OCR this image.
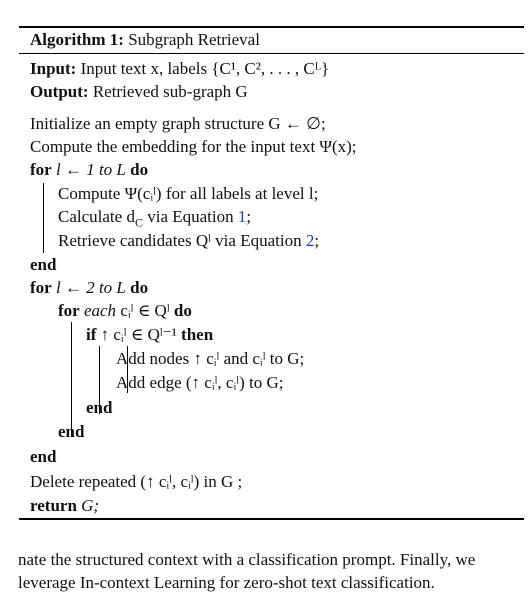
Algorithm 1: Subgraph Retrieval
Input: Input text x, labels {C¹, C², . . . , Cᴸ}
Output: Retrieved sub-graph G
Initialize an empty graph structure G ← ∅;
Compute the embedding for the input text Ψ(x);
for l ← 1 to L do
Compute Ψ(cᵢˡ) for all labels at level l;
Calculate $d_C$ via Equation 1;
Retrieve candidates Qˡ via Equation 2;
end
for l ← 2 to L do
for each cᵢˡ ∈ Qˡ do
if ↑ cᵢˡ ∈ Qˡ⁻¹ then
Add nodes ↑ cᵢˡ and cᵢˡ to G;
Add edge (↑ cᵢˡ, cᵢˡ) to G;
end
end
end
Delete repeated (↑ cᵢˡ, cᵢˡ) in G ;
return G;
nate the structured context with a classification prompt. Finally, we
leverage In-context Learning for zero-shot text classification.
